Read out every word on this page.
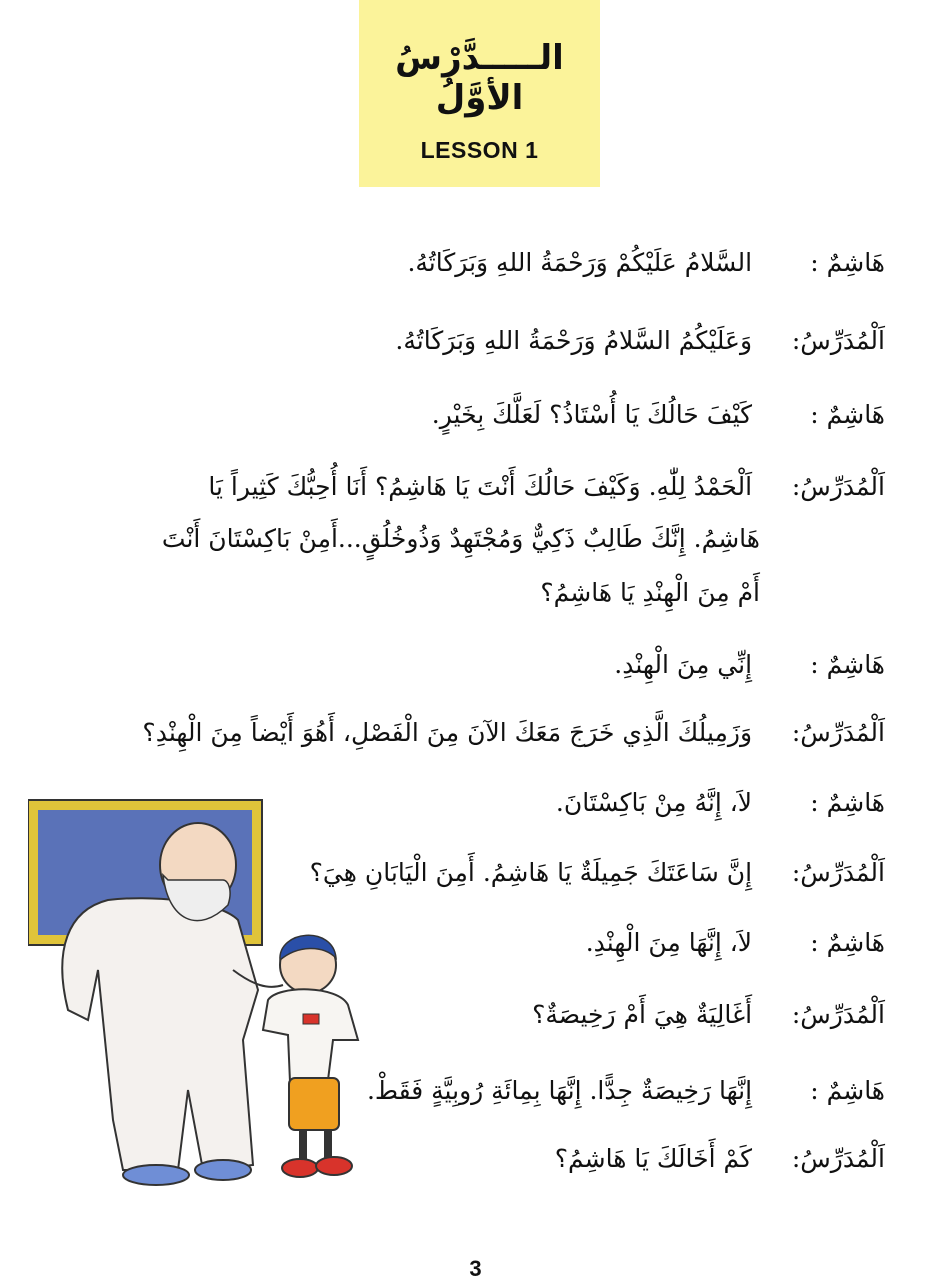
الـــــدَّرْسُ الأوَّلُ
LESSON 1
هَاشِمٌ : السَّلامُ عَلَيْكُمْ وَرَحْمَةُ اللهِ وَبَرَكَاتُهُ.
اَلْمُدَرِّسُ: وَعَلَيْكُمُ السَّلامُ وَرَحْمَةُ اللهِ وَبَرَكَاتُهُ.
هَاشِمٌ : كَيْفَ حَالُكَ يَا أُسْتَاذُ؟ لَعَلَّكَ بِخَيْرٍ.
اَلْمُدَرِّسُ: اَلْحَمْدُ لِلّٰهِ. وَكَيْفَ حَالُكَ أَنْتَ يَا هَاشِمُ؟ أَنَا أُحِبُّكَ كَثِيراً يَا
هَاشِمُ. إِنَّكَ طَالِبٌ ذَكِيٌّ وَمُجْتَهِدٌ وَذُوخُلُقٍ...أَمِنْ بَاكِسْتَانَ أَنْتَ
أَمْ مِنَ الْهِنْدِ يَا هَاشِمُ؟
هَاشِمٌ : إِنِّي مِنَ الْهِنْدِ.
اَلْمُدَرِّسُ: وَزَمِيلُكَ الَّذِي خَرَجَ مَعَكَ الآنَ مِنَ الْفَصْلِ، أَهُوَ أَيْضاً مِنَ الْهِنْدِ؟
هَاشِمٌ : لاَ، إِنَّهُ مِنْ بَاكِسْتَانَ.
اَلْمُدَرِّسُ: إِنَّ سَاعَتَكَ جَمِيلَةٌ يَا هَاشِمُ. أَمِنَ الْيَابَانِ هِيَ؟
هَاشِمٌ : لاَ، إِنَّهَا مِنَ الْهِنْدِ.
اَلْمُدَرِّسُ: أَغَالِيَةٌ هِيَ أَمْ رَخِيصَةٌ؟
هَاشِمٌ : إِنَّهَا رَخِيصَةٌ جِدًّا. إِنَّهَا بِمِائَةِ رُوبِيَّةٍ فَقَطْ.
اَلْمُدَرِّسُ: كَمْ أَخَالَكَ يَا هَاشِمُ؟
3
